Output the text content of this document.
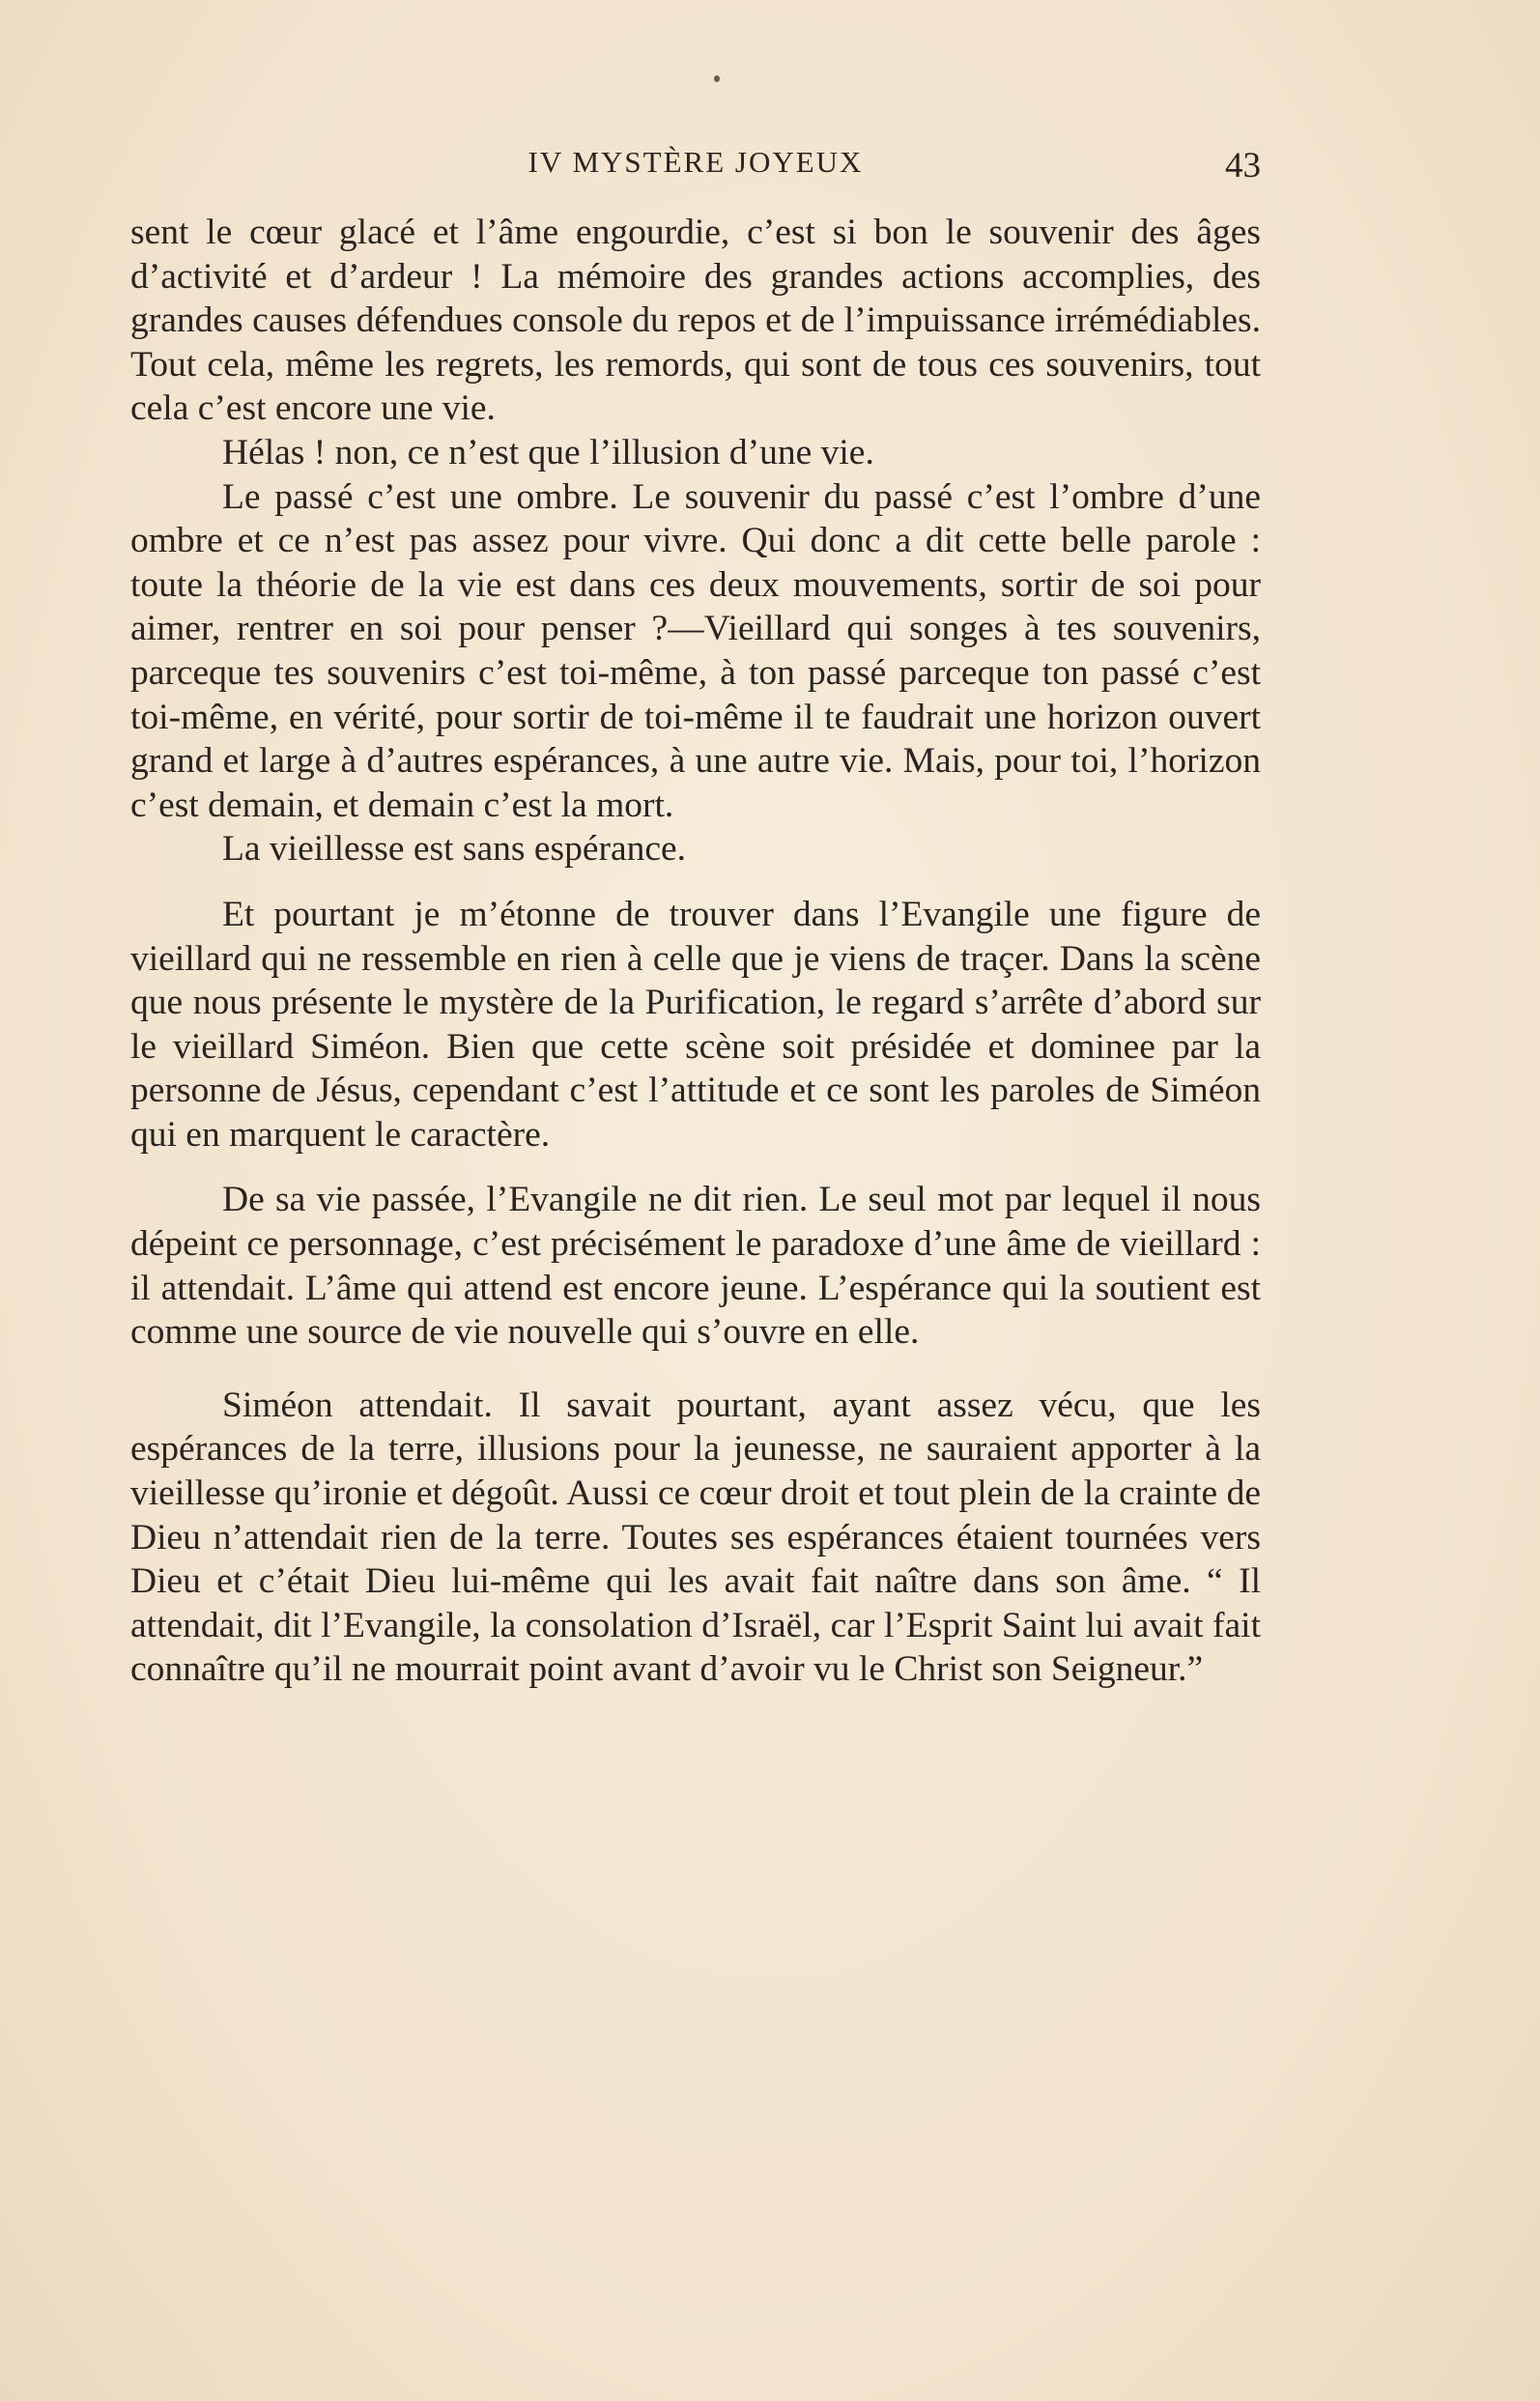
IV MYSTÈRE JOYEUX	43

sent le cœur glacé et l’âme engourdie, c’est si bon le souvenir des âges d’activité et d’ardeur ! La mémoire des grandes actions accomplies, des grandes causes défendues console du repos et de l’impuissance irrémédiables. Tout cela, même les regrets, les remords, qui sont de tous ces souvenirs, tout cela c’est encore une vie.

Hélas ! non, ce n’est que l’illusion d’une vie.

Le passé c’est une ombre. Le souvenir du passé c’est l’ombre d’une ombre et ce n’est pas assez pour vivre. Qui donc a dit cette belle parole : toute la théorie de la vie est dans ces deux mouvements, sortir de soi pour aimer, rentrer en soi pour penser ?—Vieillard qui songes à tes souvenirs, parceque tes souvenirs c’est toi-même, à ton passé parceque ton passé c’est toi-même, en vérité, pour sortir de toi-même il te faudrait une horizon ouvert grand et large à d’autres espérances, à une autre vie. Mais, pour toi, l’horizon c’est demain, et demain c’est la mort.

La vieillesse est sans espérance.

Et pourtant je m’étonne de trouver dans l’Evangile une figure de vieillard qui ne ressemble en rien à celle que je viens de traçer. Dans la scène que nous présente le mystère de la Purification, le regard s’arrête d’abord sur le vieillard Siméon. Bien que cette scène soit présidée et dominee par la personne de Jésus, cependant c’est l’attitude et ce sont les paroles de Siméon qui en marquent le caractère.

De sa vie passée, l’Evangile ne dit rien. Le seul mot par lequel il nous dépeint ce personnage, c’est précisément le paradoxe d’une âme de vieillard : il attendait. L’âme qui attend est encore jeune. L’espérance qui la soutient est comme une source de vie nouvelle qui s’ouvre en elle.

Siméon attendait. Il savait pourtant, ayant assez vécu, que les espérances de la terre, illusions pour la jeunesse, ne sauraient apporter à la vieillesse qu’ironie et dégoût. Aussi ce cœur droit et tout plein de la crainte de Dieu n’attendait rien de la terre. Toutes ses espérances étaient tournées vers Dieu et c’était Dieu lui-même qui les avait fait naître dans son âme. “ Il attendait, dit l’Evangile, la consolation d’Israël, car l’Esprit Saint lui avait fait connaître qu’il ne mourrait point avant d’avoir vu le Christ son Seigneur.”
